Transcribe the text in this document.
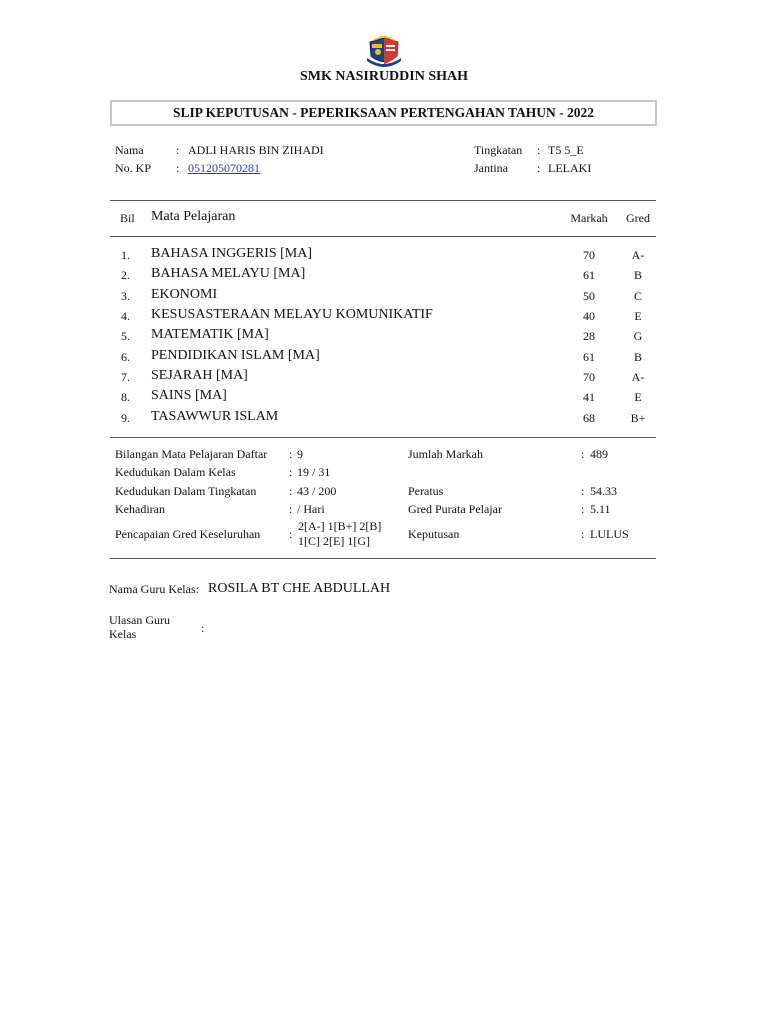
SMK NASIRUDDIN SHAH
SLIP KEPUTUSAN - PEPERIKSAAN PERTENGAHAN TAHUN - 2022
Nama	: ADLI HARIS BIN ZIHADI
No. KP : 051205070281
Tingkatan : T5 5_E
Jantina : LELAKI
Bil Mata Pelajaran	Markah	Gred
1. BAHASA INGGERIS [MA]	70	A-
2. BAHASA MELAYU [MA]	61	B
3. EKONOMI	50	C
4. KESUSASTERAAN MELAYU KOMUNIKATIF	40	E
5. MATEMATIK [MA]	28	G
6. PENDIDIKAN ISLAM [MA]	61	B
7. SEJARAH [MA]	70	A-
8. SAINS [MA]	41	E
9. TASAWWUR ISLAM	68	B+
Bilangan Mata Pelajaran Daftar : 9	Jumlah Markah	: 489
Kedudukan Dalam Kelas	: 19 / 31
Kedudukan Dalam Tingkatan	: 43 / 200	Peratus	: 54.33
Kehadiran	: / Hari	Gred Purata Pelajar	: 5.11
Pencapaian Gred Keseluruhan :
2[A-] 1[B+] 2[B]
1[C] 2[E] 1[G]	Keputusan	: LULUS
Nama Guru Kelas: ROSILA BT CHE ABDULLAH
Ulasan Guru
Kelas	:
